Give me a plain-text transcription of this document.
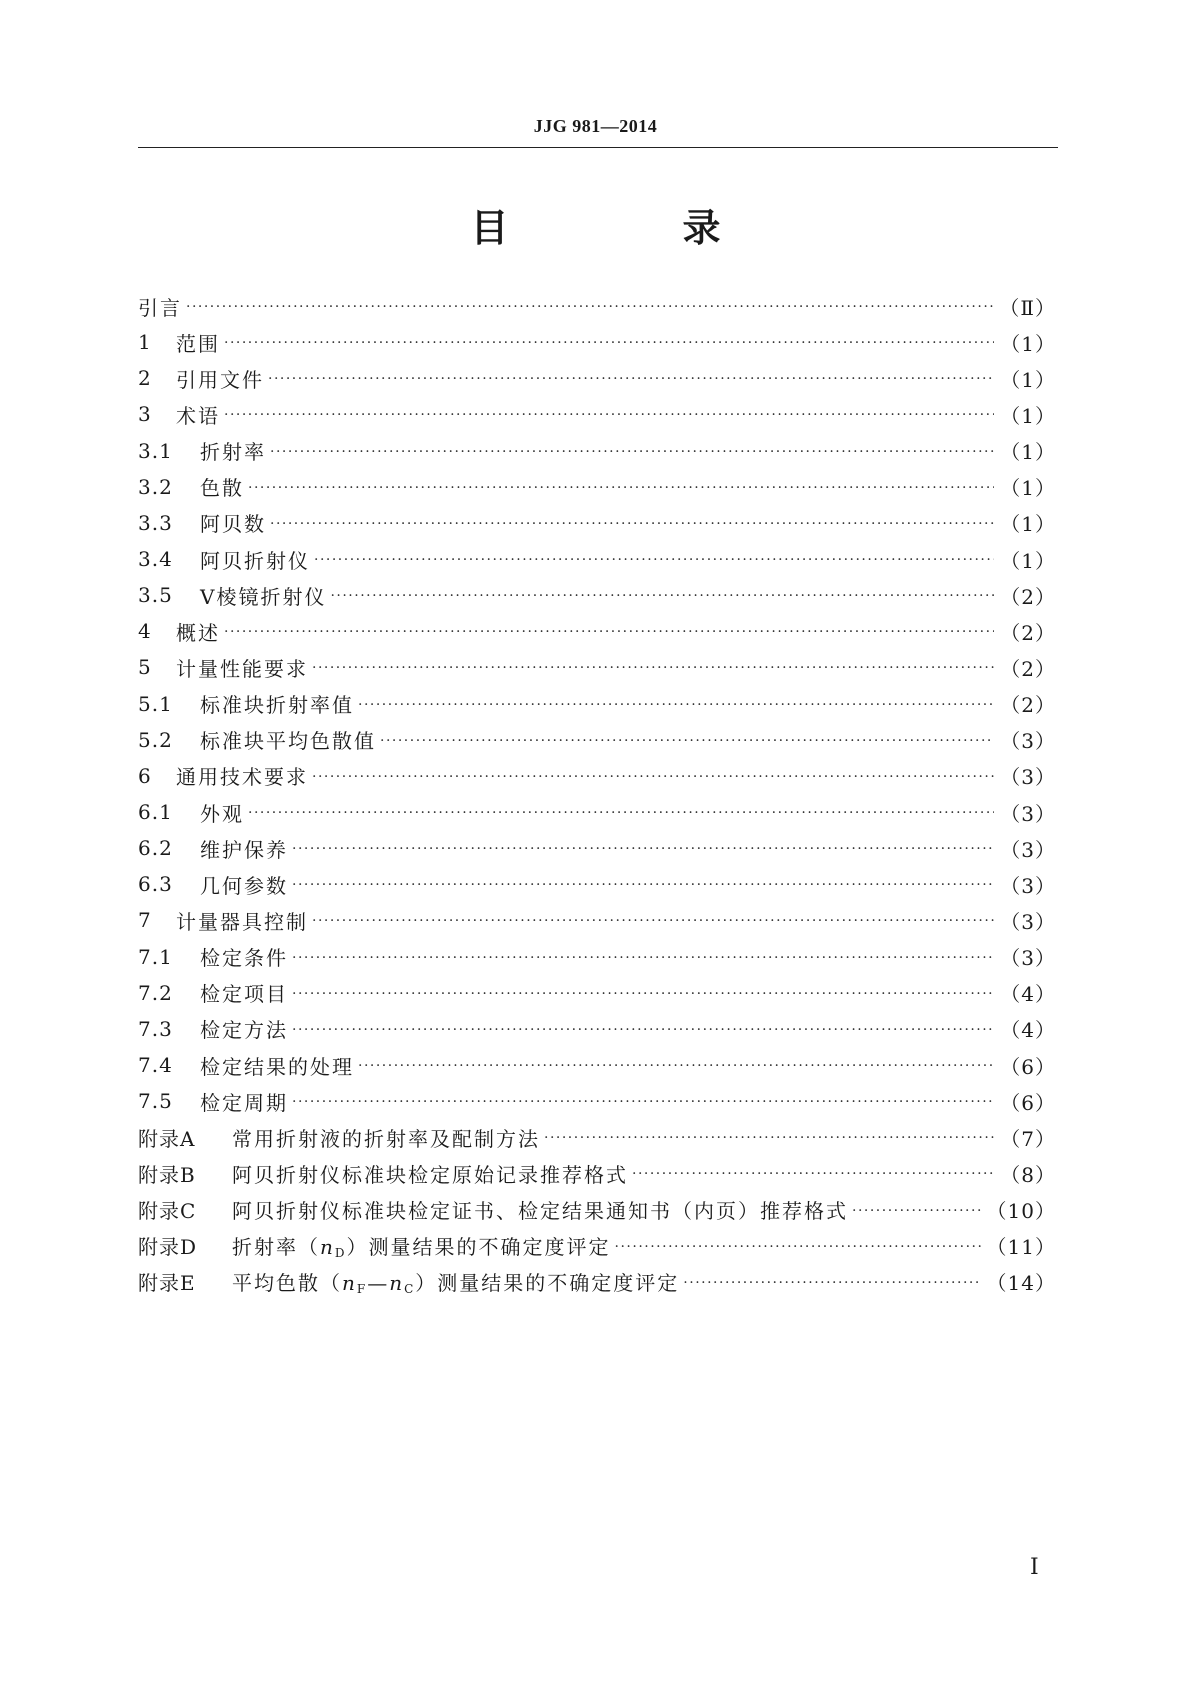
JJG 981—2014
目　录
引言 ·····	（Ⅱ）
1	范围 ·····	（1）
2	引用文件 ·····	（1）
3	术语 ·····	（1）
3.1	折射率 ·····	（1）
3.2	色散 ·····	（1）
3.3	阿贝数 ·····	（1）
3.4	阿贝折射仪 ·····	（1）
3.5	V棱镜折射仪 ·····	（2）
4	概述 ·····	（2）
5	计量性能要求 ·····	（2）
5.1	标准块折射率值 ·····	（2）
5.2	标准块平均色散值 ·····	（3）
6	通用技术要求 ·····	（3）
6.1	外观 ·····	（3）
6.2	维护保养 ·····	（3）
6.3	几何参数 ·····	（3）
7	计量器具控制 ·····	（3）
7.1	检定条件 ·····	（3）
7.2	检定项目 ·····	（4）
7.3	检定方法 ·····	（4）
7.4	检定结果的处理 ·····	（6）
7.5	检定周期 ·····	（6）
附录A	常用折射液的折射率及配制方法 ·····	（7）
附录B	阿贝折射仪标准块检定原始记录推荐格式 ·····	（8）
附录C	阿贝折射仪标准块检定证书、检定结果通知书（内页）推荐格式 ·····	（10）
附录D	折射率$(n_D)$测量结果的不确定度评定 ·····	（11）
附录E	平均色散$(n_F—n_C)$测量结果的不确定度评定 ·····	（14）
Ⅰ
